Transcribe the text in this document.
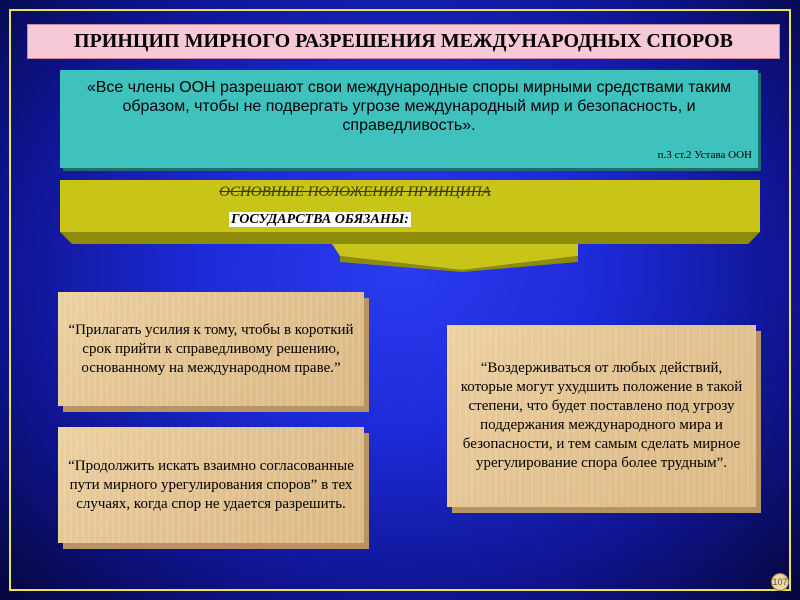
ПРИНЦИП МИРНОГО РАЗРЕШЕНИЯ МЕЖДУНАРОДНЫХ СПОРОВ
«Все члены ООН разрешают свои международные споры мирными средствами таким образом, чтобы не подвергать угрозе международный мир и безопасность, и справедливость».
п.3 ст.2 Устава ООН
ОСНОВНЫЕ ПОЛОЖЕНИЯ ПРИНЦИПА
ГОСУДАРСТВА ОБЯЗАНЫ:
“Прилагать усилия к тому, чтобы в короткий срок прийти к справедливому решению, основанному на международном праве.”
“Продолжить искать взаимно согласованные пути мирного урегулирования споров” в тех случаях, когда спор не удается разрешить.
“Воздерживаться от любых действий, которые могут ухудшить положение в такой степени, что будет поставлено под угрозу поддержания международного мира и безопасности, и тем самым сделать мирное урегулирование спора более трудным”.
107
